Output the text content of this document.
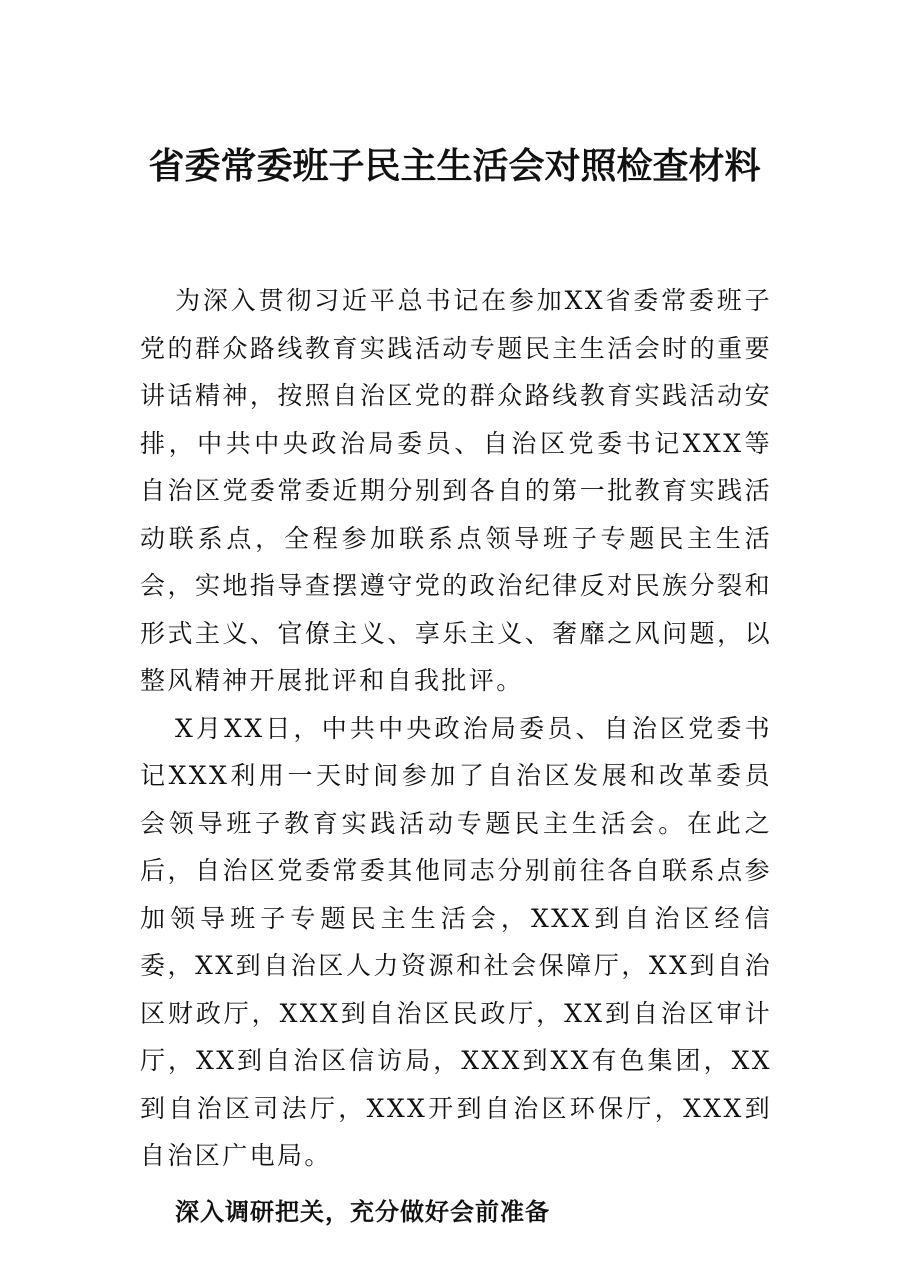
省委常委班子民主生活会对照检查材料

为深入贯彻习近平总书记在参加XX省委常委班子党的群众路线教育实践活动专题民主生活会时的重要讲话精神，按照自治区党的群众路线教育实践活动安排，中共中央政治局委员、自治区党委书记XXX等自治区党委常委近期分别到各自的第一批教育实践活动联系点，全程参加联系点领导班子专题民主生活会，实地指导查摆遵守党的政治纪律反对民族分裂和形式主义、官僚主义、享乐主义、奢靡之风问题，以整风精神开展批评和自我批评。

X月XX日，中共中央政治局委员、自治区党委书记XXX利用一天时间参加了自治区发展和改革委员会领导班子教育实践活动专题民主生活会。在此之后，自治区党委常委其他同志分别前往各自联系点参加领导班子专题民主生活会，XXX到自治区经信委，XX到自治区人力资源和社会保障厅，XX到自治区财政厅，XXX到自治区民政厅，XX到自治区审计厅，XX到自治区信访局，XXX到XX有色集团，XX到自治区司法厅，XXX开到自治区环保厅，XXX到自治区广电局。

深入调研把关，充分做好会前准备
